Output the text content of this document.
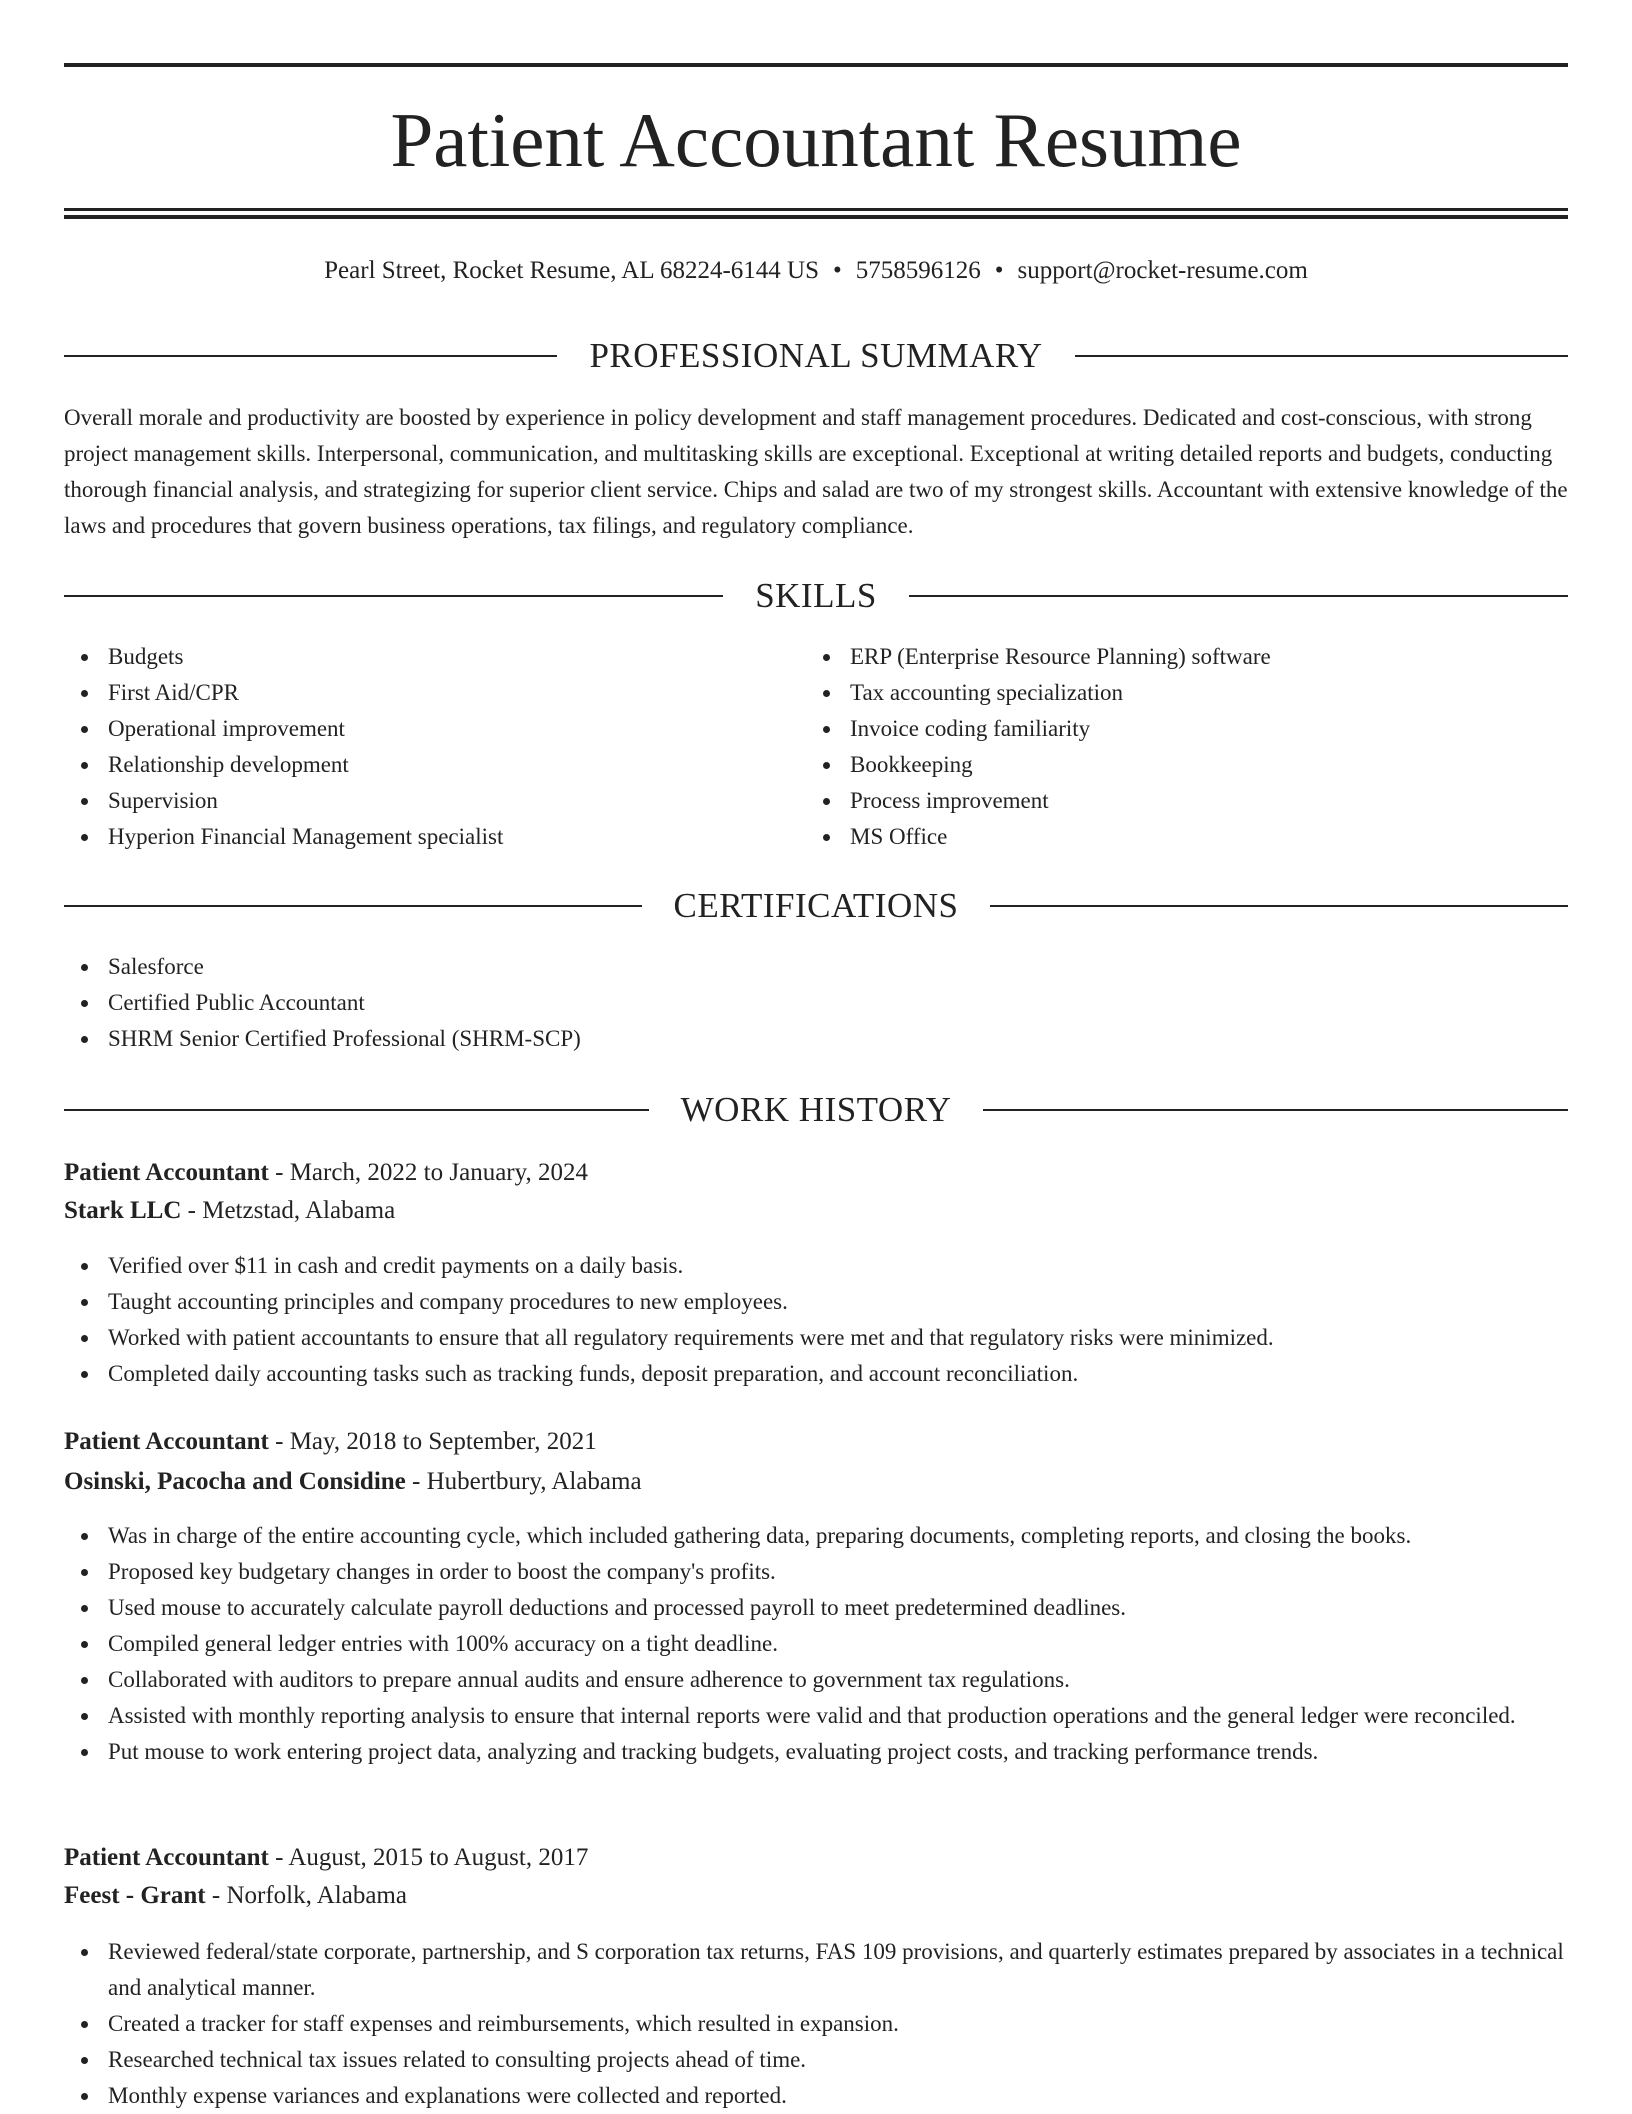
Patient Accountant Resume
Pearl Street, Rocket Resume, AL 68224-6144 US • 5758596126 • support@rocket-resume.com
PROFESSIONAL SUMMARY

Overall morale and productivity are boosted by experience in policy development and staff management procedures. Dedicated and cost-conscious, with strong project management skills. Interpersonal, communication, and multitasking skills are exceptional. Exceptional at writing detailed reports and budgets, conducting thorough financial analysis, and strategizing for superior client service. Chips and salad are two of my strongest skills. Accountant with extensive knowledge of the laws and procedures that govern business operations, tax filings, and regulatory compliance.

SKILLS
Budgets
First Aid/CPR
Operational improvement
Relationship development
Supervision
Hyperion Financial Management specialist
ERP (Enterprise Resource Planning) software
Tax accounting specialization
Invoice coding familiarity
Bookkeeping
Process improvement
MS Office
CERTIFICATIONS
Salesforce
Certified Public Accountant
SHRM Senior Certified Professional (SHRM-SCP)
WORK HISTORY
Patient Accountant - March, 2022 to January, 2024
Stark LLC - Metzstad, Alabama
Verified over $11 in cash and credit payments on a daily basis.
Taught accounting principles and company procedures to new employees.
Worked with patient accountants to ensure that all regulatory requirements were met and that regulatory risks were minimized.
Completed daily accounting tasks such as tracking funds, deposit preparation, and account reconciliation.
Patient Accountant - May, 2018 to September, 2021
Osinski, Pacocha and Considine - Hubertbury, Alabama
Was in charge of the entire accounting cycle, which included gathering data, preparing documents, completing reports, and closing the books.
Proposed key budgetary changes in order to boost the company's profits.
Used mouse to accurately calculate payroll deductions and processed payroll to meet predetermined deadlines.
Compiled general ledger entries with 100% accuracy on a tight deadline.
Collaborated with auditors to prepare annual audits and ensure adherence to government tax regulations.
Assisted with monthly reporting analysis to ensure that internal reports were valid and that production operations and the general ledger were reconciled.
Put mouse to work entering project data, analyzing and tracking budgets, evaluating project costs, and tracking performance trends.
Patient Accountant - August, 2015 to August, 2017
Feest - Grant - Norfolk, Alabama
Reviewed federal/state corporate, partnership, and S corporation tax returns, FAS 109 provisions, and quarterly estimates prepared by associates in a technical and analytical manner.
Created a tracker for staff expenses and reimbursements, which resulted in expansion.
Researched technical tax issues related to consulting projects ahead of time.
Monthly expense variances and explanations were collected and reported.
